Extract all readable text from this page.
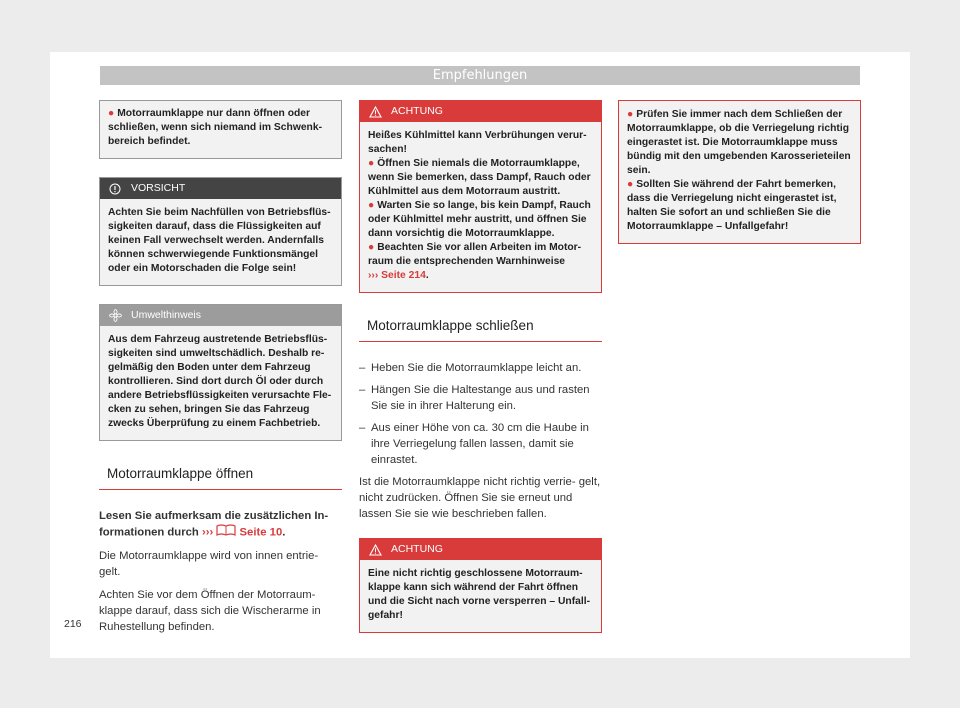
Empfehlungen
● Motorraumklappe nur dann öffnen oder schließen, wenn sich niemand im Schwenk- bereich befindet.
VORSICHT
Achten Sie beim Nachfüllen von Betriebsflüs- sigkeiten darauf, dass die Flüssigkeiten auf keinen Fall verwechselt werden. Andernfalls können schwerwiegende Funktionsmängel oder ein Motorschaden die Folge sein!
Umwelthinweis
Aus dem Fahrzeug austretende Betriebsflüs- sigkeiten sind umweltschädlich. Deshalb re- gelmäßig den Boden unter dem Fahrzeug kontrollieren. Sind dort durch Öl oder durch andere Betriebsflüssigkeiten verursachte Fle- cken zu sehen, bringen Sie das Fahrzeug zwecks Überprüfung zu einem Fachbetrieb.
Motorraumklappe öffnen

Lesen Sie aufmerksam die zusätzlichen In- formationen durch ››› Seite 10.

Die Motorraumklappe wird von innen entrie- gelt.

Achten Sie vor dem Öffnen der Motorraum- klappe darauf, dass sich die Wischerarme in Ruhestellung befinden.

ACHTUNG
Heißes Kühlmittel kann Verbrühungen verur- sachen!
● Öffnen Sie niemals die Motorraumklappe, wenn Sie bemerken, dass Dampf, Rauch oder Kühlmittel aus dem Motorraum austritt.
● Warten Sie so lange, bis kein Dampf, Rauch oder Kühlmittel mehr austritt, und öffnen Sie dann vorsichtig die Motorraumklappe.
● Beachten Sie vor allen Arbeiten im Motor- raum die entsprechenden Warnhinweise
››› Seite 214.
Motorraumklappe schließen
– Heben Sie die Motorraumklappe leicht an.
– Hängen Sie die Haltestange aus und rasten Sie sie in ihrer Halterung ein.
– Aus einer Höhe von ca. 30 cm die Haube in ihre Verriegelung fallen lassen, damit sie einrastet.

Ist die Motorraumklappe nicht richtig verrie- gelt, nicht zudrücken. Öffnen Sie sie erneut und lassen Sie sie wie beschrieben fallen.

ACHTUNG
Eine nicht richtig geschlossene Motorraum- klappe kann sich während der Fahrt öffnen und die Sicht nach vorne versperren – Unfall- gefahr!
● Prüfen Sie immer nach dem Schließen der Motorraumklappe, ob die Verriegelung richtig eingerastet ist. Die Motorraumklappe muss bündig mit den umgebenden Karosserieteilen sein.
● Sollten Sie während der Fahrt bemerken, dass die Verriegelung nicht eingerastet ist, halten Sie sofort an und schließen Sie die Motorraumklappe – Unfallgefahr!
216
